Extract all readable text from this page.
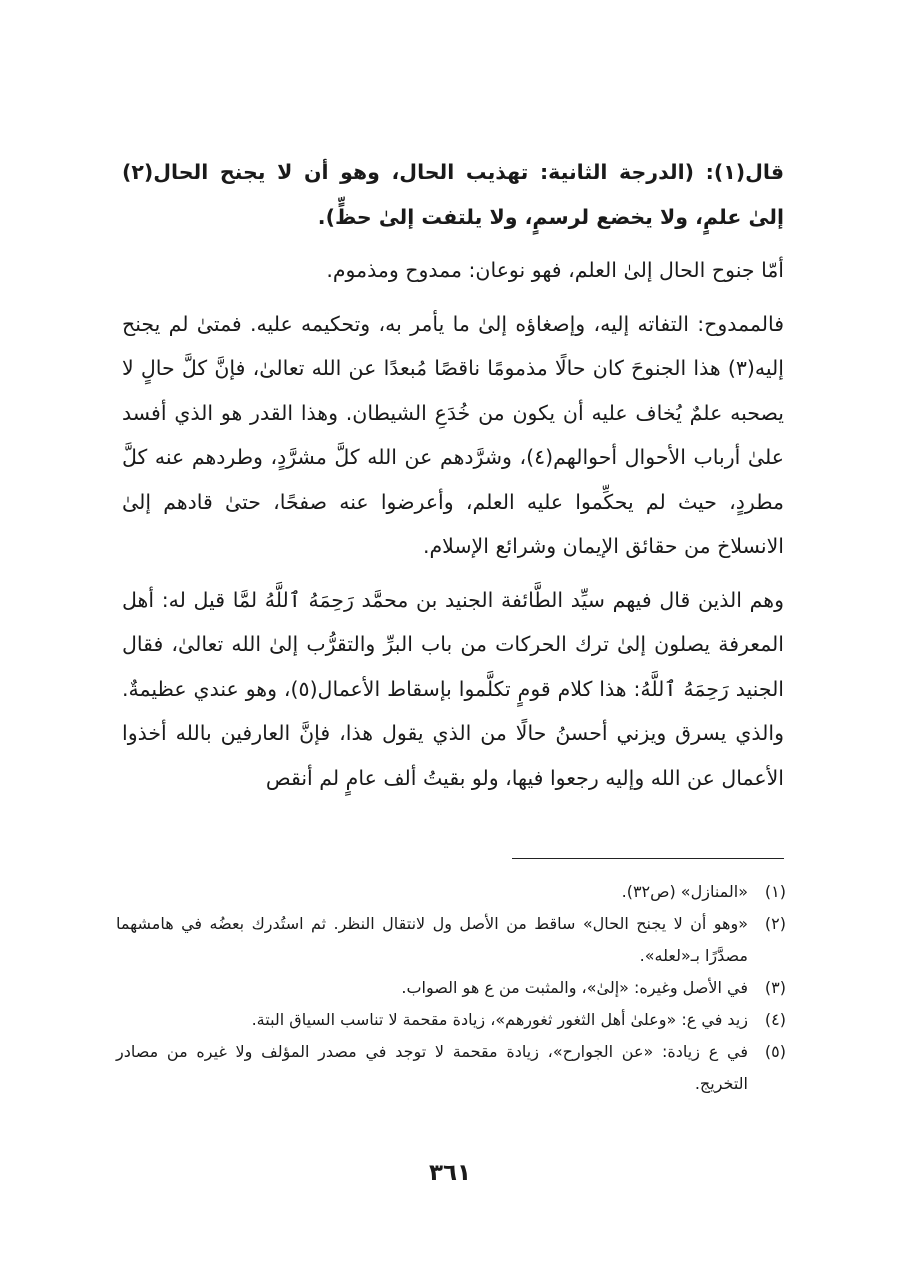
قال(١): (الدرجة الثانية: تهذيب الحال، وهو أن لا يجنح الحال(٢) إلىٰ علمٍ، ولا يخضع لرسمٍ، ولا يلتفت إلىٰ حظٍّ).

أمّا جنوح الحال إلىٰ العلم، فهو نوعان: ممدوح ومذموم.

فالممدوح: التفاته إليه، وإصغاؤه إلىٰ ما يأمر به، وتحكيمه عليه. فمتىٰ لم يجنح إليه(٣) هذا الجنوحَ كان حالًا مذمومًا ناقصًا مُبعدًا عن الله تعالىٰ، فإنَّ كلَّ حالٍ لا يصحبه علمٌ يُخاف عليه أن يكون من خُدَعِ الشيطان. وهذا القدر هو الذي أفسد علىٰ أرباب الأحوال أحوالهم(٤)، وشرَّدهم عن الله كلَّ مشرَّدٍ، وطردهم عنه كلَّ مطردٍ، حيث لم يحكِّموا عليه العلم، وأعرضوا عنه صفحًا، حتىٰ قادهم إلىٰ الانسلاخ من حقائق الإيمان وشرائع الإسلام.

وهم الذين قال فيهم سيِّد الطَّائفة الجنيد بن محمَّد رَحِمَهُ ٱللَّهُ لمَّا قيل له: أهل المعرفة يصلون إلىٰ ترك الحركات من باب البرِّ والتقرُّب إلىٰ الله تعالىٰ، فقال الجنيد رَحِمَهُ ٱللَّهُ: هذا كلام قومٍ تكلَّموا بإسقاط الأعمال(٥)، وهو عندي عظيمةٌ. والذي يسرق ويزني أحسنُ حالًا من الذي يقول هذا، فإنَّ العارفين بالله أخذوا الأعمال عن الله وإليه رجعوا فيها، ولو بقيتُ ألف عامٍ لم أنقص

(١)
«المنازل» (ص٣٢).
(٢)
«وهو أن لا يجنح الحال» ساقط من الأصل ول لانتقال النظر. ثم استُدرك بعضُه في هامشهما مصدَّرًا بـ«لعله».
(٣)
في الأصل وغيره: «إلىٰ»، والمثبت من ع هو الصواب.
(٤)
زيد في ع: «وعلىٰ أهل الثغور ثغورهم»، زيادة مقحمة لا تناسب السياق البتة.
(٥)
في ع زيادة: «عن الجوارح»، زيادة مقحمة لا توجد في مصدر المؤلف ولا غيره من مصادر التخريج.
٣٦١
